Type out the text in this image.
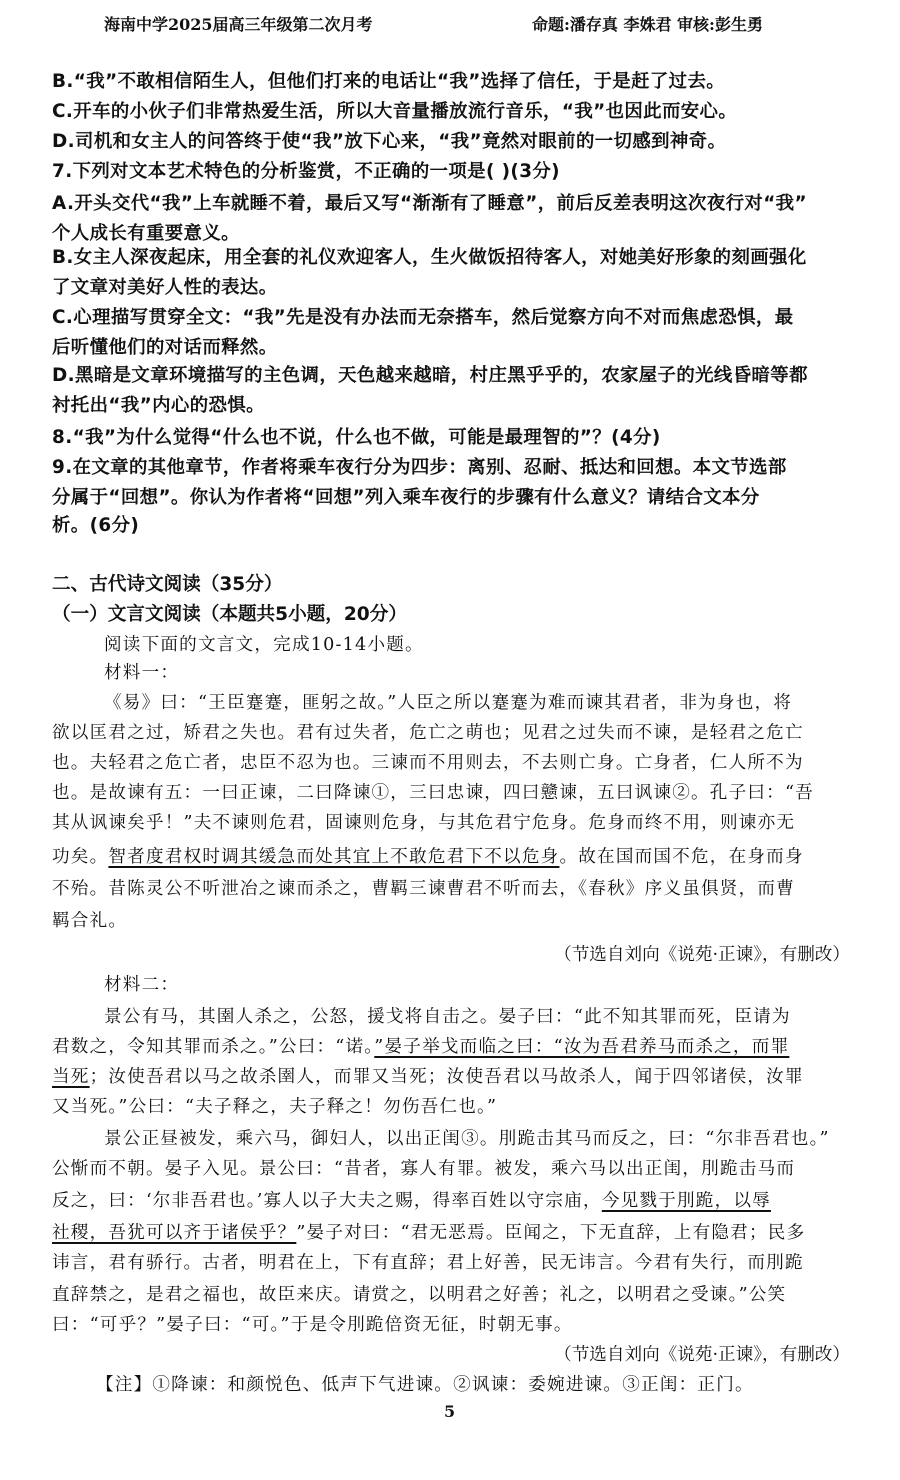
海南中学2025届高三年级第二次月考	命题:潘存真 李姝君 审核:彭生勇
B.“我”不敢相信陌生人，但他们打来的电话让“我”选择了信任，于是赶了过去。
C.开车的小伙子们非常热爱生活，所以大音量播放流行音乐，“我”也因此而安心。
D.司机和女主人的问答终于使“我”放下心来，“我”竟然对眼前的一切感到神奇。
7.下列对文本艺术特色的分析鉴赏，不正确的一项是( )(3分)
A.开头交代“我”上车就睡不着，最后又写“渐渐有了睡意”，前后反差表明这次夜行对“我”
个人成长有重要意义。
B.女主人深夜起床，用全套的礼仪欢迎客人，生火做饭招待客人，对她美好形象的刻画强化
了文章对美好人性的表达。
C.心理描写贯穿全文：“我”先是没有办法而无奈搭车，然后觉察方向不对而焦虑恐惧，最
后听懂他们的对话而释然。
D.黑暗是文章环境描写的主色调，天色越来越暗，村庄黑乎乎的，农家屋子的光线昏暗等都
衬托出“我”内心的恐惧。
8.“我”为什么觉得“什么也不说，什么也不做，可能是最理智的”？(4分)
9.在文章的其他章节，作者将乘车夜行分为四步：离别、忍耐、抵达和回想。本文节选部
分属于“回想”。你认为作者将“回想”列入乘车夜行的步骤有什么意义？请结合文本分
析。(6分)
二、古代诗文阅读（35分）
（一）文言文阅读（本题共5小题，20分）
阅读下面的文言文，完成10-14小题。
材料一：
《易》曰：“王臣蹇蹇，匪躬之故。”人臣之所以蹇蹇为难而谏其君者，非为身也，将
欲以匡君之过，矫君之失也。君有过失者，危亡之萌也；见君之过失而不谏，是轻君之危亡
也。夫轻君之危亡者，忠臣不忍为也。三谏而不用则去，不去则亡身。亡身者，仁人所不为
也。是故谏有五：一曰正谏，二曰降谏①，三曰忠谏，四曰戆谏，五曰讽谏②。孔子曰：“吾
其从讽谏矣乎！”夫不谏则危君，固谏则危身，与其危君宁危身。危身而终不用，则谏亦无
功矣。智者度君权时调其缓急而处其宜上不敢危君下不以危身。故在国而国不危，在身而身
不殆。昔陈灵公不听泄冶之谏而杀之，曹羁三谏曹君不听而去，《春秋》序义虽俱贤，而曹
羁合礼。
（节选自刘向《说苑·正谏》，有删改）
材料二：
景公有马，其圉人杀之，公怒，援戈将自击之。晏子曰：“此不知其罪而死，臣请为
君数之，令知其罪而杀之。”公曰：“诺。”晏子举戈而临之曰：“汝为吾君养马而杀之，而罪
当死；汝使吾君以马之故杀圉人，而罪又当死；汝使吾君以马故杀人，闻于四邻诸侯，汝罪
又当死。”公曰：“夫子释之，夫子释之！勿伤吾仁也。”
景公正昼被发，乘六马，御妇人，以出正闺③。刖跪击其马而反之，曰：“尔非吾君也。”
公惭而不朝。晏子入见。景公曰：“昔者，寡人有罪。被发，乘六马以出正闺，刖跪击马而
反之，曰：‘尔非吾君也。’寡人以子大夫之赐，得率百姓以守宗庙，今见戮于刖跪，以辱
社稷，吾犹可以齐于诸侯乎？”晏子对曰：“君无恶焉。臣闻之，下无直辞，上有隐君；民多
讳言，君有骄行。古者，明君在上，下有直辞；君上好善，民无讳言。今君有失行，而刖跪
直辞禁之，是君之福也，故臣来庆。请赏之，以明君之好善；礼之，以明君之受谏。”公笑
曰：“可乎？”晏子曰：“可。”于是令刖跪倍资无征，时朝无事。
（节选自刘向《说苑·正谏》，有删改）
【注】①降谏：和颜悦色、低声下气进谏。②讽谏：委婉进谏。③正闺：正门。
5
